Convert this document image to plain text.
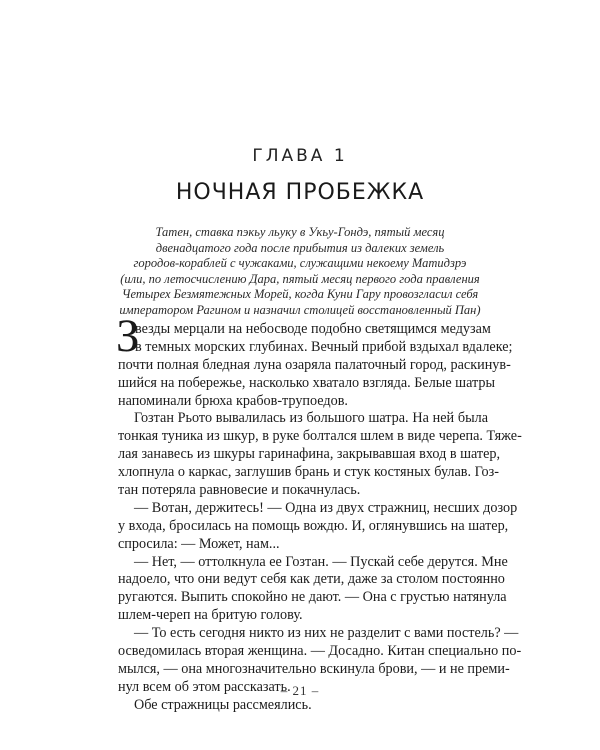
ГЛАВА 1
НОЧНАЯ ПРОБЕЖКА
Татен, ставка пэкьу льуку в Укьу-Гондэ, пятый месяц
двенадцатого года после прибытия из далеких земель
городов-кораблей с чужаками, служащими некоему Матидзрэ
(или, по летосчислению Дара, пятый месяц первого года правления
Четырех Безмятежных Морей, когда Куни Гару провозгласил себя
императором Рагином и назначил столицей восстановленный Пан)
З
везды мерцали на небосводе подобно светящимся медузам
в темных морских глубинах. Вечный прибой вздыхал вдалеке;
почти полная бледная луна озаряла палаточный город, раскинув-
шийся на побережье, насколько хватало взгляда. Белые шатры
напоминали брюха крабов-трупоедов.
Гозтан Рьото вывалилась из большого шатра. На ней была
тонкая туника из шкур, в руке болтался шлем в виде черепа. Тяже-
лая занавесь из шкуры гаринафина, закрывавшая вход в шатер,
хлопнула о каркас, заглушив брань и стук костяных булав. Гоз-
тан потеряла равновесие и покачнулась.
— Вотан, держитесь! — Одна из двух стражниц, несших дозор
у входа, бросилась на помощь вождю. И, оглянувшись на шатер,
спросила: — Может, нам...
— Нет, — оттолкнула ее Гозтан. — Пускай себе дерутся. Мне
надоело, что они ведут себя как дети, даже за столом постоянно
ругаются. Выпить спокойно не дают. — Она с грустью натянула
шлем-череп на бритую голову.
— То есть сегодня никто из них не разделит с вами постель? —
осведомилась вторая женщина. — Досадно. Китан специально по-
мылся, — она многозначительно вскинула брови, — и не преми-
нул всем об этом рассказать.
Обе стражницы рассмеялись.
– 21 –
